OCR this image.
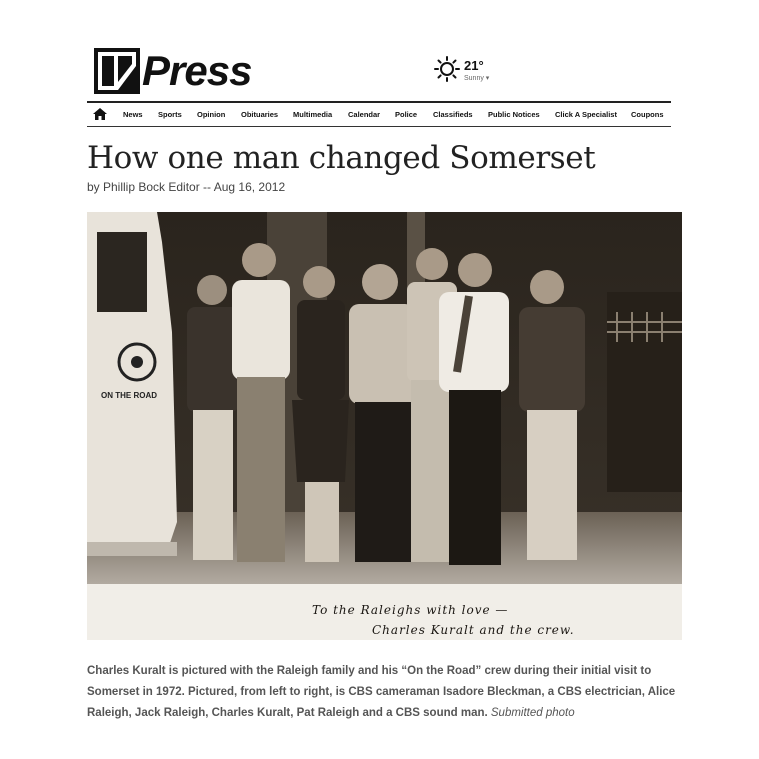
Press	21°
Sunny ▾
News Sports Opinion Obituaries Multimedia Calendar Police Classifieds Public Notices Click A Specialist Coupons
How one man changed Somerset
by Phillip Bock Editor -- Aug 16, 2012
ON THE ROAD
To the Raleighs with love —
Charles Kuralt and the crew.
Charles Kuralt is pictured with the Raleigh family and his “On the Road” crew during their initial visit to Somerset in 1972. Pictured, from left to right, is CBS cameraman Isadore Bleckman, a CBS electrician, Alice Raleigh, Jack Raleigh, Charles Kuralt, Pat Raleigh and a CBS sound man. Submitted photo
